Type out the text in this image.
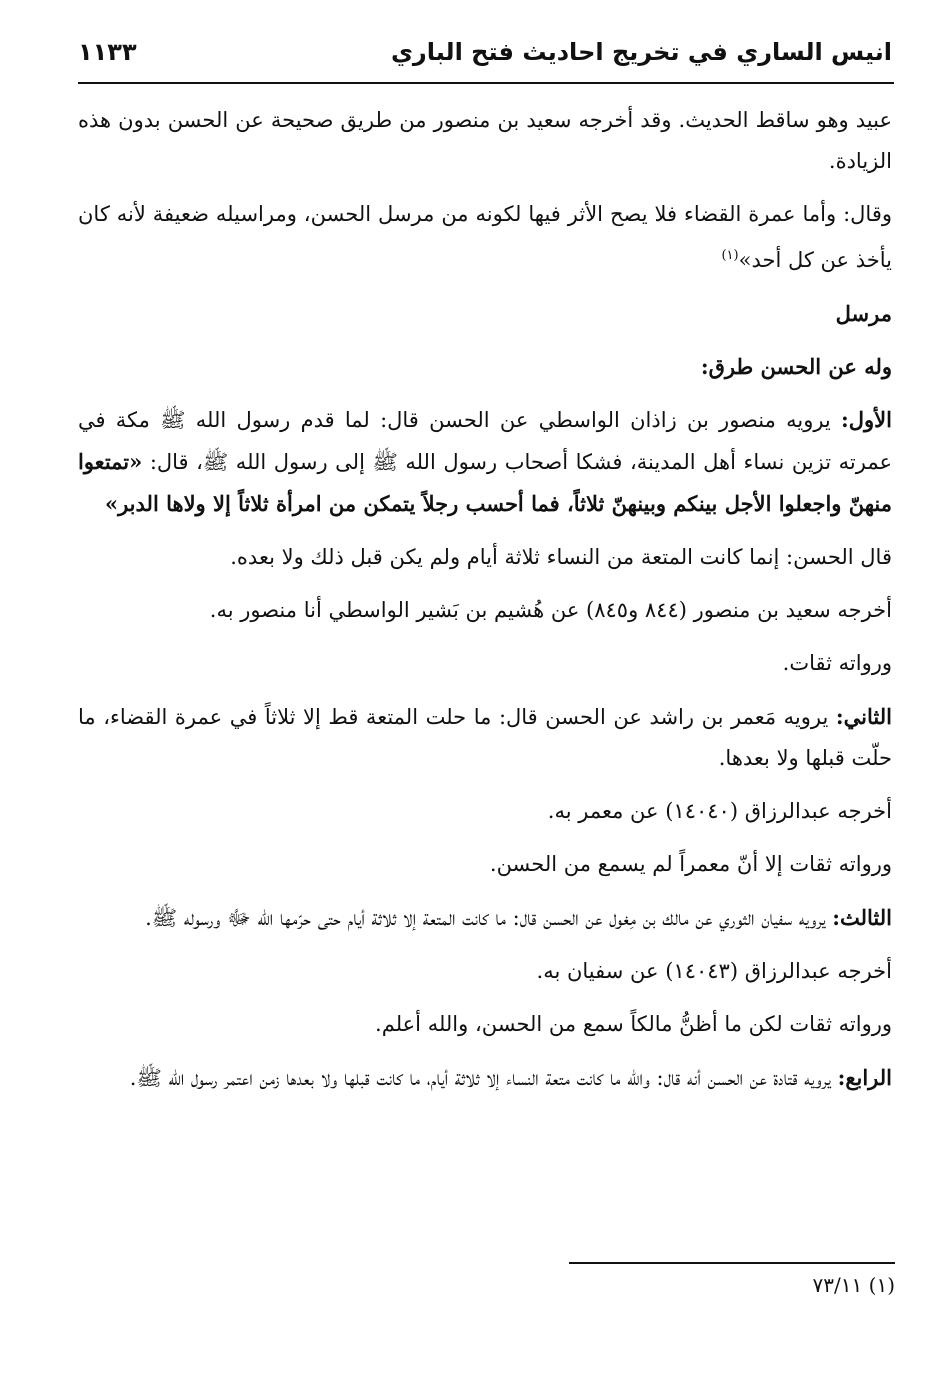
انيس الساري في تخريج احاديث فتح الباري
١١٣٣

عبيد وهو ساقط الحديث. وقد أخرجه سعيد بن منصور من طريق صحيحة عن الحسن بدون هذه الزيادة.

وقال: وأما عمرة القضاء فلا يصح الأثر فيها لكونه من مرسل الحسن، ومراسيله ضعيفة لأنه كان يأخذ عن كل أحد»$^{(١)}$

مرسل
وله عن الحسن طرق:

الأول: يرويه منصور بن زاذان الواسطي عن الحسن قال: لما قدم رسول الله ﷺ مكة في عمرته تزين نساء أهل المدينة، فشكا أصحاب رسول الله ﷺ إلى رسول الله ﷺ، قال: «تمتعوا منهنّ واجعلوا الأجل بينكم وبينهنّ ثلاثاً، فما أحسب رجلاً يتمكن من امرأة ثلاثاً إلا ولاها الدبر»

قال الحسن: إنما كانت المتعة من النساء ثلاثة أيام ولم يكن قبل ذلك ولا بعده.

أخرجه سعيد بن منصور (٨٤٤ و٨٤٥) عن هُشيم بن بَشير الواسطي أنا منصور به.

ورواته ثقات.

الثاني: يرويه مَعمر بن راشد عن الحسن قال: ما حلت المتعة قط إلا ثلاثاً في عمرة القضاء، ما حلّت قبلها ولا بعدها.

أخرجه عبدالرزاق (١٤٠٤٠) عن معمر به.

ورواته ثقات إلا أنّ معمراً لم يسمع من الحسن.

الثالث: يرويه سفيان الثوري عن مالك بن مِغول عن الحسن قال: ما كانت المتعة إلا ثلاثة أيام حتى حرّمها الله ﷻ ورسوله ﷺ.

أخرجه عبدالرزاق (١٤٠٤٣) عن سفيان به.

ورواته ثقات لكن ما أظنُّ مالكاً سمع من الحسن، والله أعلم.

الرابع: يرويه قتادة عن الحسن أنه قال: والله ما كانت متعة النساء إلا ثلاثة أيام، ما كانت قبلها ولا بعدها زمن اعتمر رسول الله ﷺ.

(١) ٧٣/١١
